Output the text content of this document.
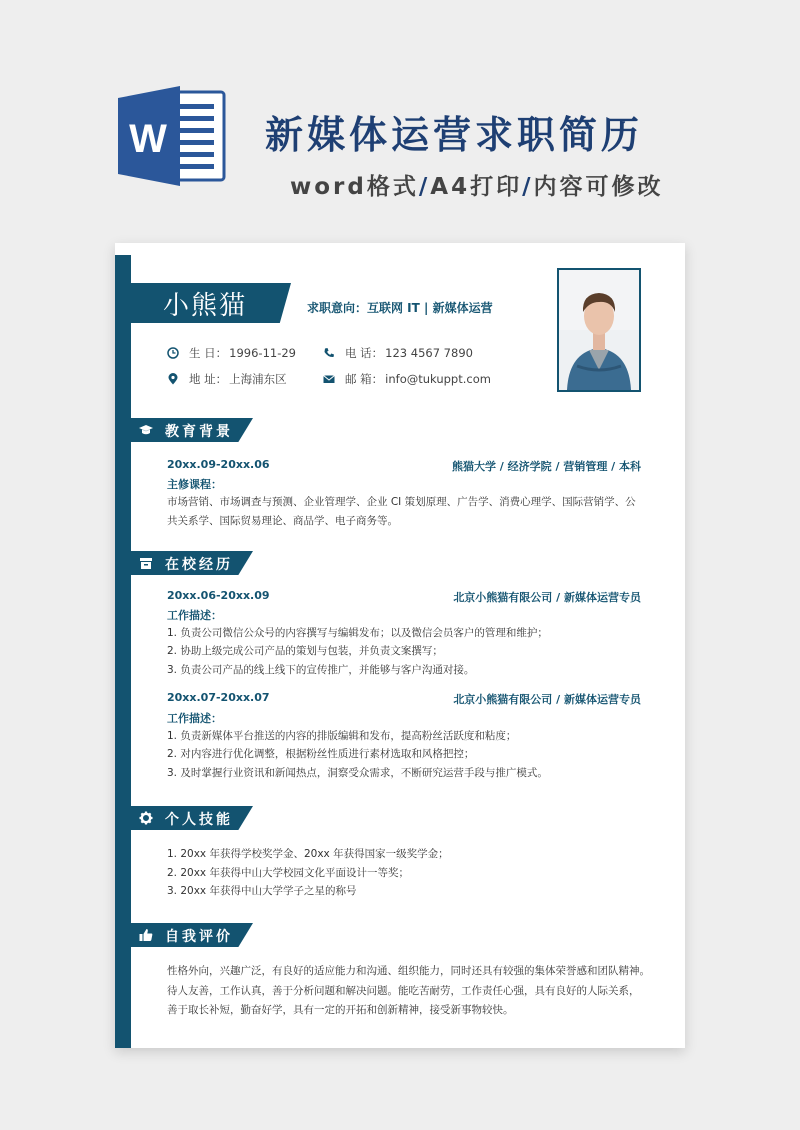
W	新媒体运营求职简历
word格式/A4打印/内容可修改
小熊猫	求职意向：互联网 IT | 新媒体运营
生 日： 1996-11-29	电 话： 123 4567 7890
地 址： 上海浦东区	邮 箱： info@tukuppt.com
教育背景
20xx.09-20xx.06	熊猫大学 / 经济学院 / 营销管理 / 本科
主修课程：
市场营销、市场调查与预测、企业管理学、企业 CI 策划原理、广告学、消费心理学、国际营销学、公
共关系学、国际贸易理论、商品学、电子商务等。
在校经历
20xx.06-20xx.09	北京小熊猫有限公司 / 新媒体运营专员
工作描述：
1. 负责公司微信公众号的内容撰写与编辑发布；以及微信会员客户的管理和维护；
2. 协助上级完成公司产品的策划与包装，并负责文案撰写；
3. 负责公司产品的线上线下的宣传推广，并能够与客户沟通对接。
20xx.07-20xx.07	北京小熊猫有限公司 / 新媒体运营专员
工作描述：
1. 负责新媒体平台推送的内容的排版编辑和发布，提高粉丝活跃度和粘度；
2. 对内容进行优化调整，根据粉丝性质进行素材选取和风格把控；
3. 及时掌握行业资讯和新闻热点，洞察受众需求，不断研究运营手段与推广模式。
个人技能
1. 20xx 年获得学校奖学金、20xx 年获得国家一级奖学金；
2. 20xx 年获得中山大学校园文化平面设计一等奖；
3. 20xx 年获得中山大学学子之星的称号
自我评价
性格外向，兴趣广泛，有良好的适应能力和沟通、组织能力，同时还具有较强的集体荣誉感和团队精神。
待人友善，工作认真，善于分析问题和解决问题。能吃苦耐劳，工作责任心强，具有良好的人际关系，
善于取长补短，勤奋好学，具有一定的开拓和创新精神，接受新事物较快。
